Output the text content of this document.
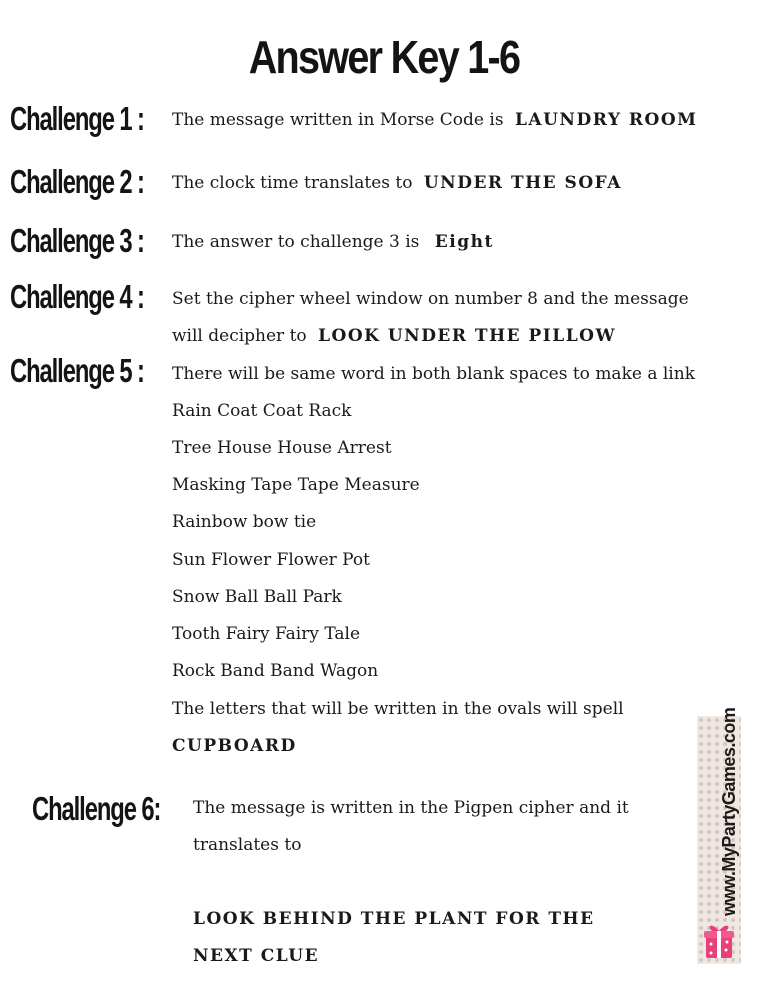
Answer Key 1-6
Challenge 1 : The message written in Morse Code is LAUNDRY ROOM
Challenge 2 : The clock time translates to UNDER THE SOFA
Challenge 3 : The answer to challenge 3 is Eight
Challenge 4 : Set the cipher wheel window on number 8 and the message
will decipher to LOOK UNDER THE PILLOW
Challenge 5 : There will be same word in both blank spaces to make a link
Rain Coat Coat Rack
Tree House House Arrest
Masking Tape Tape Measure
Rainbow bow tie
Sun Flower Flower Pot
Snow Ball Ball Park
Tooth Fairy Fairy Tale
Rock Band Band Wagon
The letters that will be written in the ovals will spell
CUPBOARD
Challenge 6: The message is written in the Pigpen cipher and it
translates to
LOOK BEHIND THE PLANT FOR THE
NEXT CLUE
www.MyPartyGames.com
